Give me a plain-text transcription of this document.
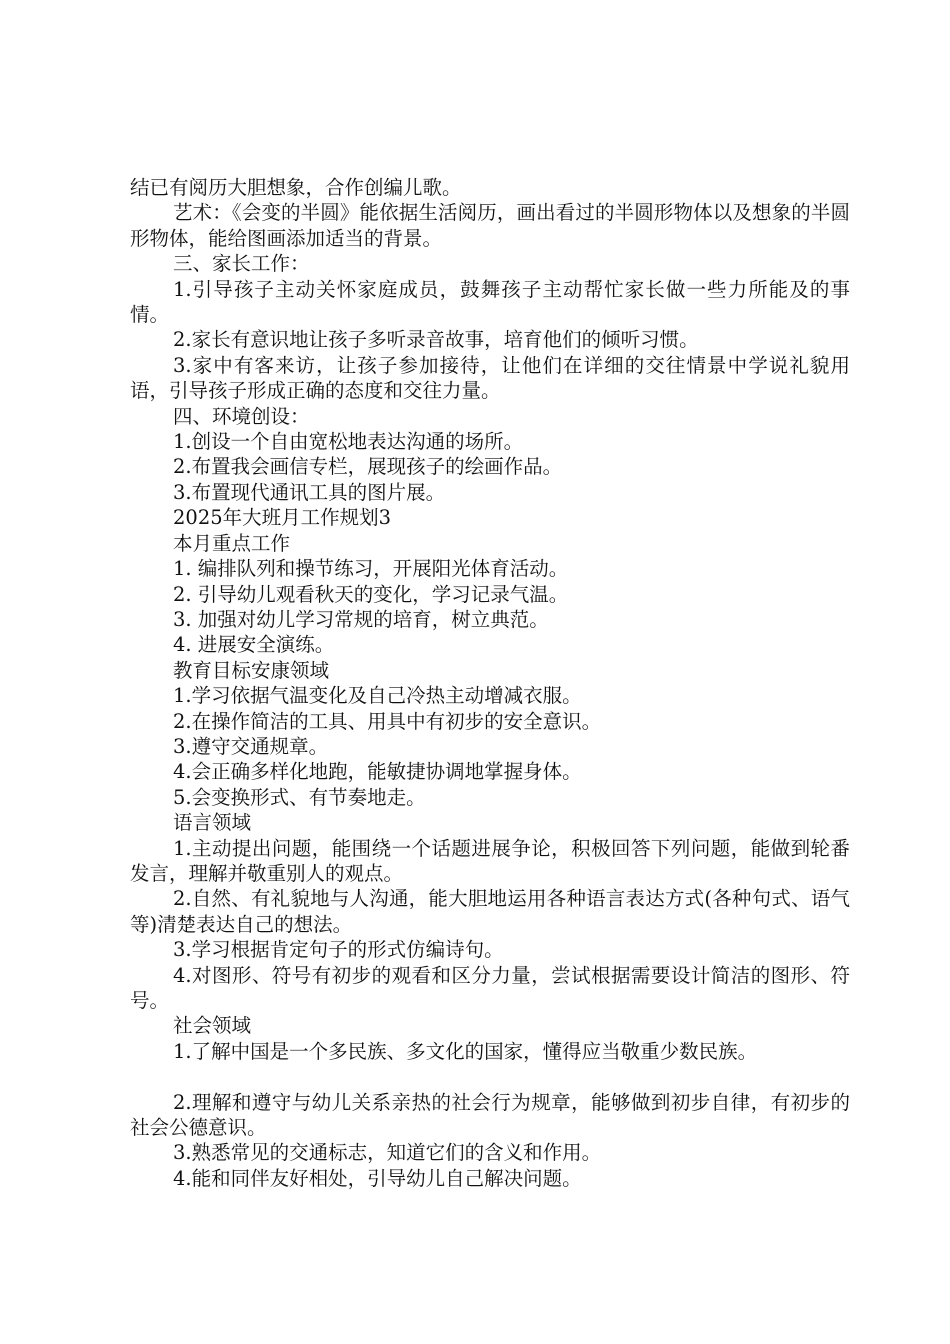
结已有阅历大胆想象，合作创编儿歌。

艺术：《会变的半圆》能依据生活阅历，画出看过的半圆形物体以及想象的半圆形物体，能给图画添加适当的背景。

三、家长工作：

1.引导孩子主动关怀家庭成员，鼓舞孩子主动帮忙家长做一些力所能及的事情。

2.家长有意识地让孩子多听录音故事，培育他们的倾听习惯。

3.家中有客来访，让孩子参加接待，让他们在详细的交往情景中学说礼貌用语，引导孩子形成正确的态度和交往力量。

四、环境创设：

1.创设一个自由宽松地表达沟通的场所。

2.布置我会画信专栏，展现孩子的绘画作品。

3.布置现代通讯工具的图片展。

2025年大班月工作规划3

本月重点工作

1. 编排队列和操节练习，开展阳光体育活动。

2. 引导幼儿观看秋天的变化，学习记录气温。

3. 加强对幼儿学习常规的培育，树立典范。

4. 进展安全演练。

教育目标安康领域

1.学习依据气温变化及自己冷热主动增减衣服。

2.在操作简洁的工具、用具中有初步的安全意识。

3.遵守交通规章。

4.会正确多样化地跑，能敏捷协调地掌握身体。

5.会变换形式、有节奏地走。

语言领域

1.主动提出问题，能围绕一个话题进展争论，积极回答下列问题，能做到轮番发言，理解并敬重别人的观点。

2.自然、有礼貌地与人沟通，能大胆地运用各种语言表达方式(各种句式、语气等)清楚表达自己的想法。

3.学习根据肯定句子的形式仿编诗句。

4.对图形、符号有初步的观看和区分力量，尝试根据需要设计简洁的图形、符号。

社会领域

1.了解中国是一个多民族、多文化的国家，懂得应当敬重少数民族。

2.理解和遵守与幼儿关系亲热的社会行为规章，能够做到初步自律，有初步的社会公德意识。

3.熟悉常见的交通标志，知道它们的含义和作用。

4.能和同伴友好相处，引导幼儿自己解决问题。
